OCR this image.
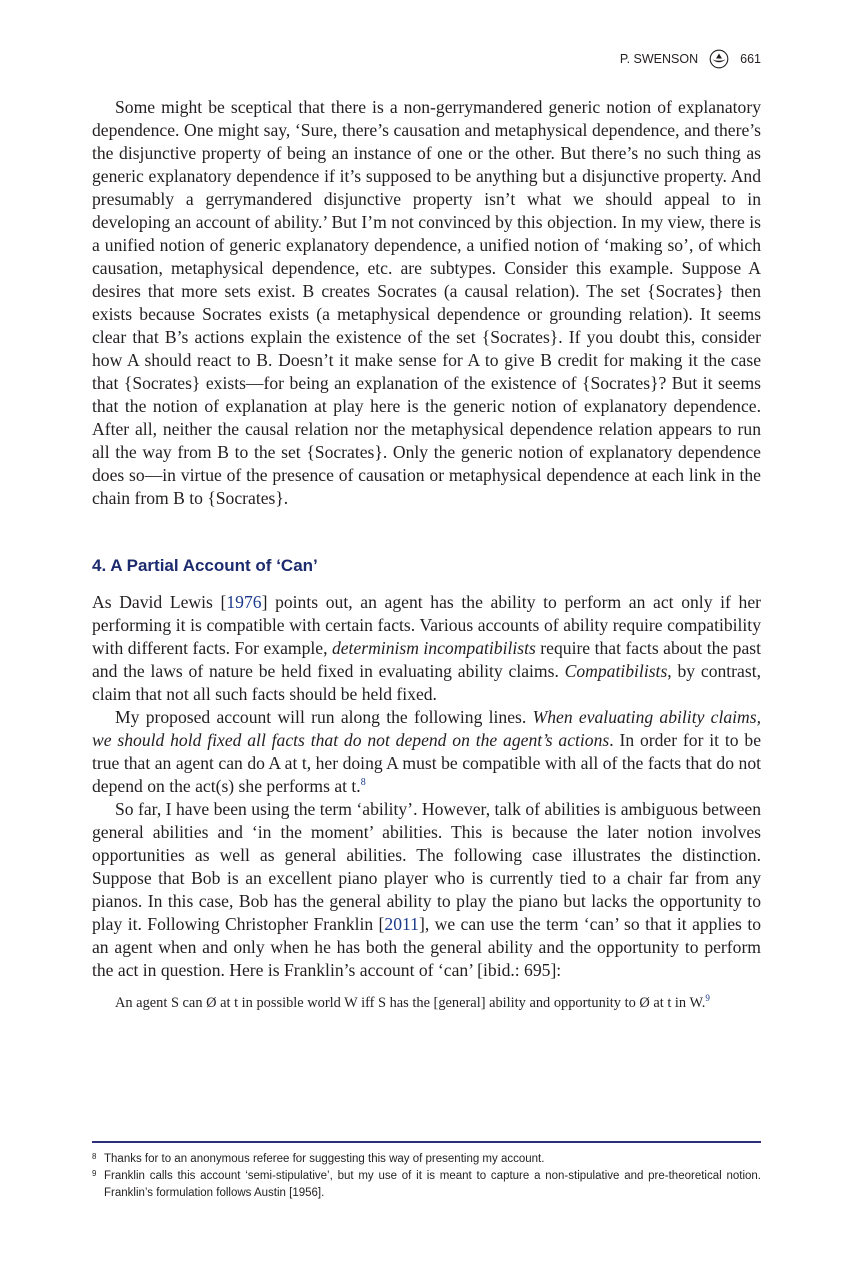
P. SWENSON	661

Some might be sceptical that there is a non-gerrymandered generic notion of explanatory dependence. One might say, ‘Sure, there’s causation and metaphysical dependence, and there’s the disjunctive property of being an instance of one or the other. But there’s no such thing as generic explanatory dependence if it’s supposed to be anything but a disjunctive property. And presumably a gerrymandered disjunctive property isn’t what we should appeal to in developing an account of ability.’ But I’m not convinced by this objection. In my view, there is a unified notion of generic explanatory dependence, a unified notion of ‘making so’, of which causation, metaphysical dependence, etc. are subtypes. Consider this example. Suppose A desires that more sets exist. B creates Socrates (a causal relation). The set {Socrates} then exists because Socrates exists (a metaphysical dependence or grounding relation). It seems clear that B’s actions explain the existence of the set {Socrates}. If you doubt this, consider how A should react to B. Doesn’t it make sense for A to give B credit for making it the case that {Socrates} exists—for being an explanation of the existence of {Socrates}? But it seems that the notion of explanation at play here is the generic notion of explanatory dependence. After all, neither the causal relation nor the metaphysical dependence relation appears to run all the way from B to the set {Socrates}. Only the generic notion of explanatory dependence does so—in virtue of the presence of causation or metaphysical dependence at each link in the chain from B to {Socrates}.

4. A Partial Account of ‘Can’

As David Lewis [1976] points out, an agent has the ability to perform an act only if her performing it is compatible with certain facts. Various accounts of ability require compatibility with different facts. For example, determinism incompatibilists require that facts about the past and the laws of nature be held fixed in evaluating ability claims. Compatibilists, by contrast, claim that not all such facts should be held fixed.

My proposed account will run along the following lines. When evaluating ability claims, we should hold fixed all facts that do not depend on the agent’s actions. In order for it to be true that an agent can do A at t, her doing A must be compatible with all of the facts that do not depend on the act(s) she performs at t.$^8$

So far, I have been using the term ‘ability’. However, talk of abilities is ambiguous between general abilities and ‘in the moment’ abilities. This is because the later notion involves opportunities as well as general abilities. The following case illustrates the distinction. Suppose that Bob is an excellent piano player who is currently tied to a chair far from any pianos. In this case, Bob has the general ability to play the piano but lacks the opportunity to play it. Following Christopher Franklin [2011], we can use the term ‘can’ so that it applies to an agent when and only when he has both the general ability and the opportunity to perform the act in question. Here is Franklin’s account of ‘can’ [ibid.: 695]:

An agent S can Ø at t in possible world W iff S has the [general] ability and opportunity to Ø at t in W.$^9$
8 Thanks for to an anonymous referee for suggesting this way of presenting my account.
9 Franklin calls this account ‘semi-stipulative’, but my use of it is meant to capture a non-stipulative and pre-theoretical notion. Franklin’s formulation follows Austin [1956].
